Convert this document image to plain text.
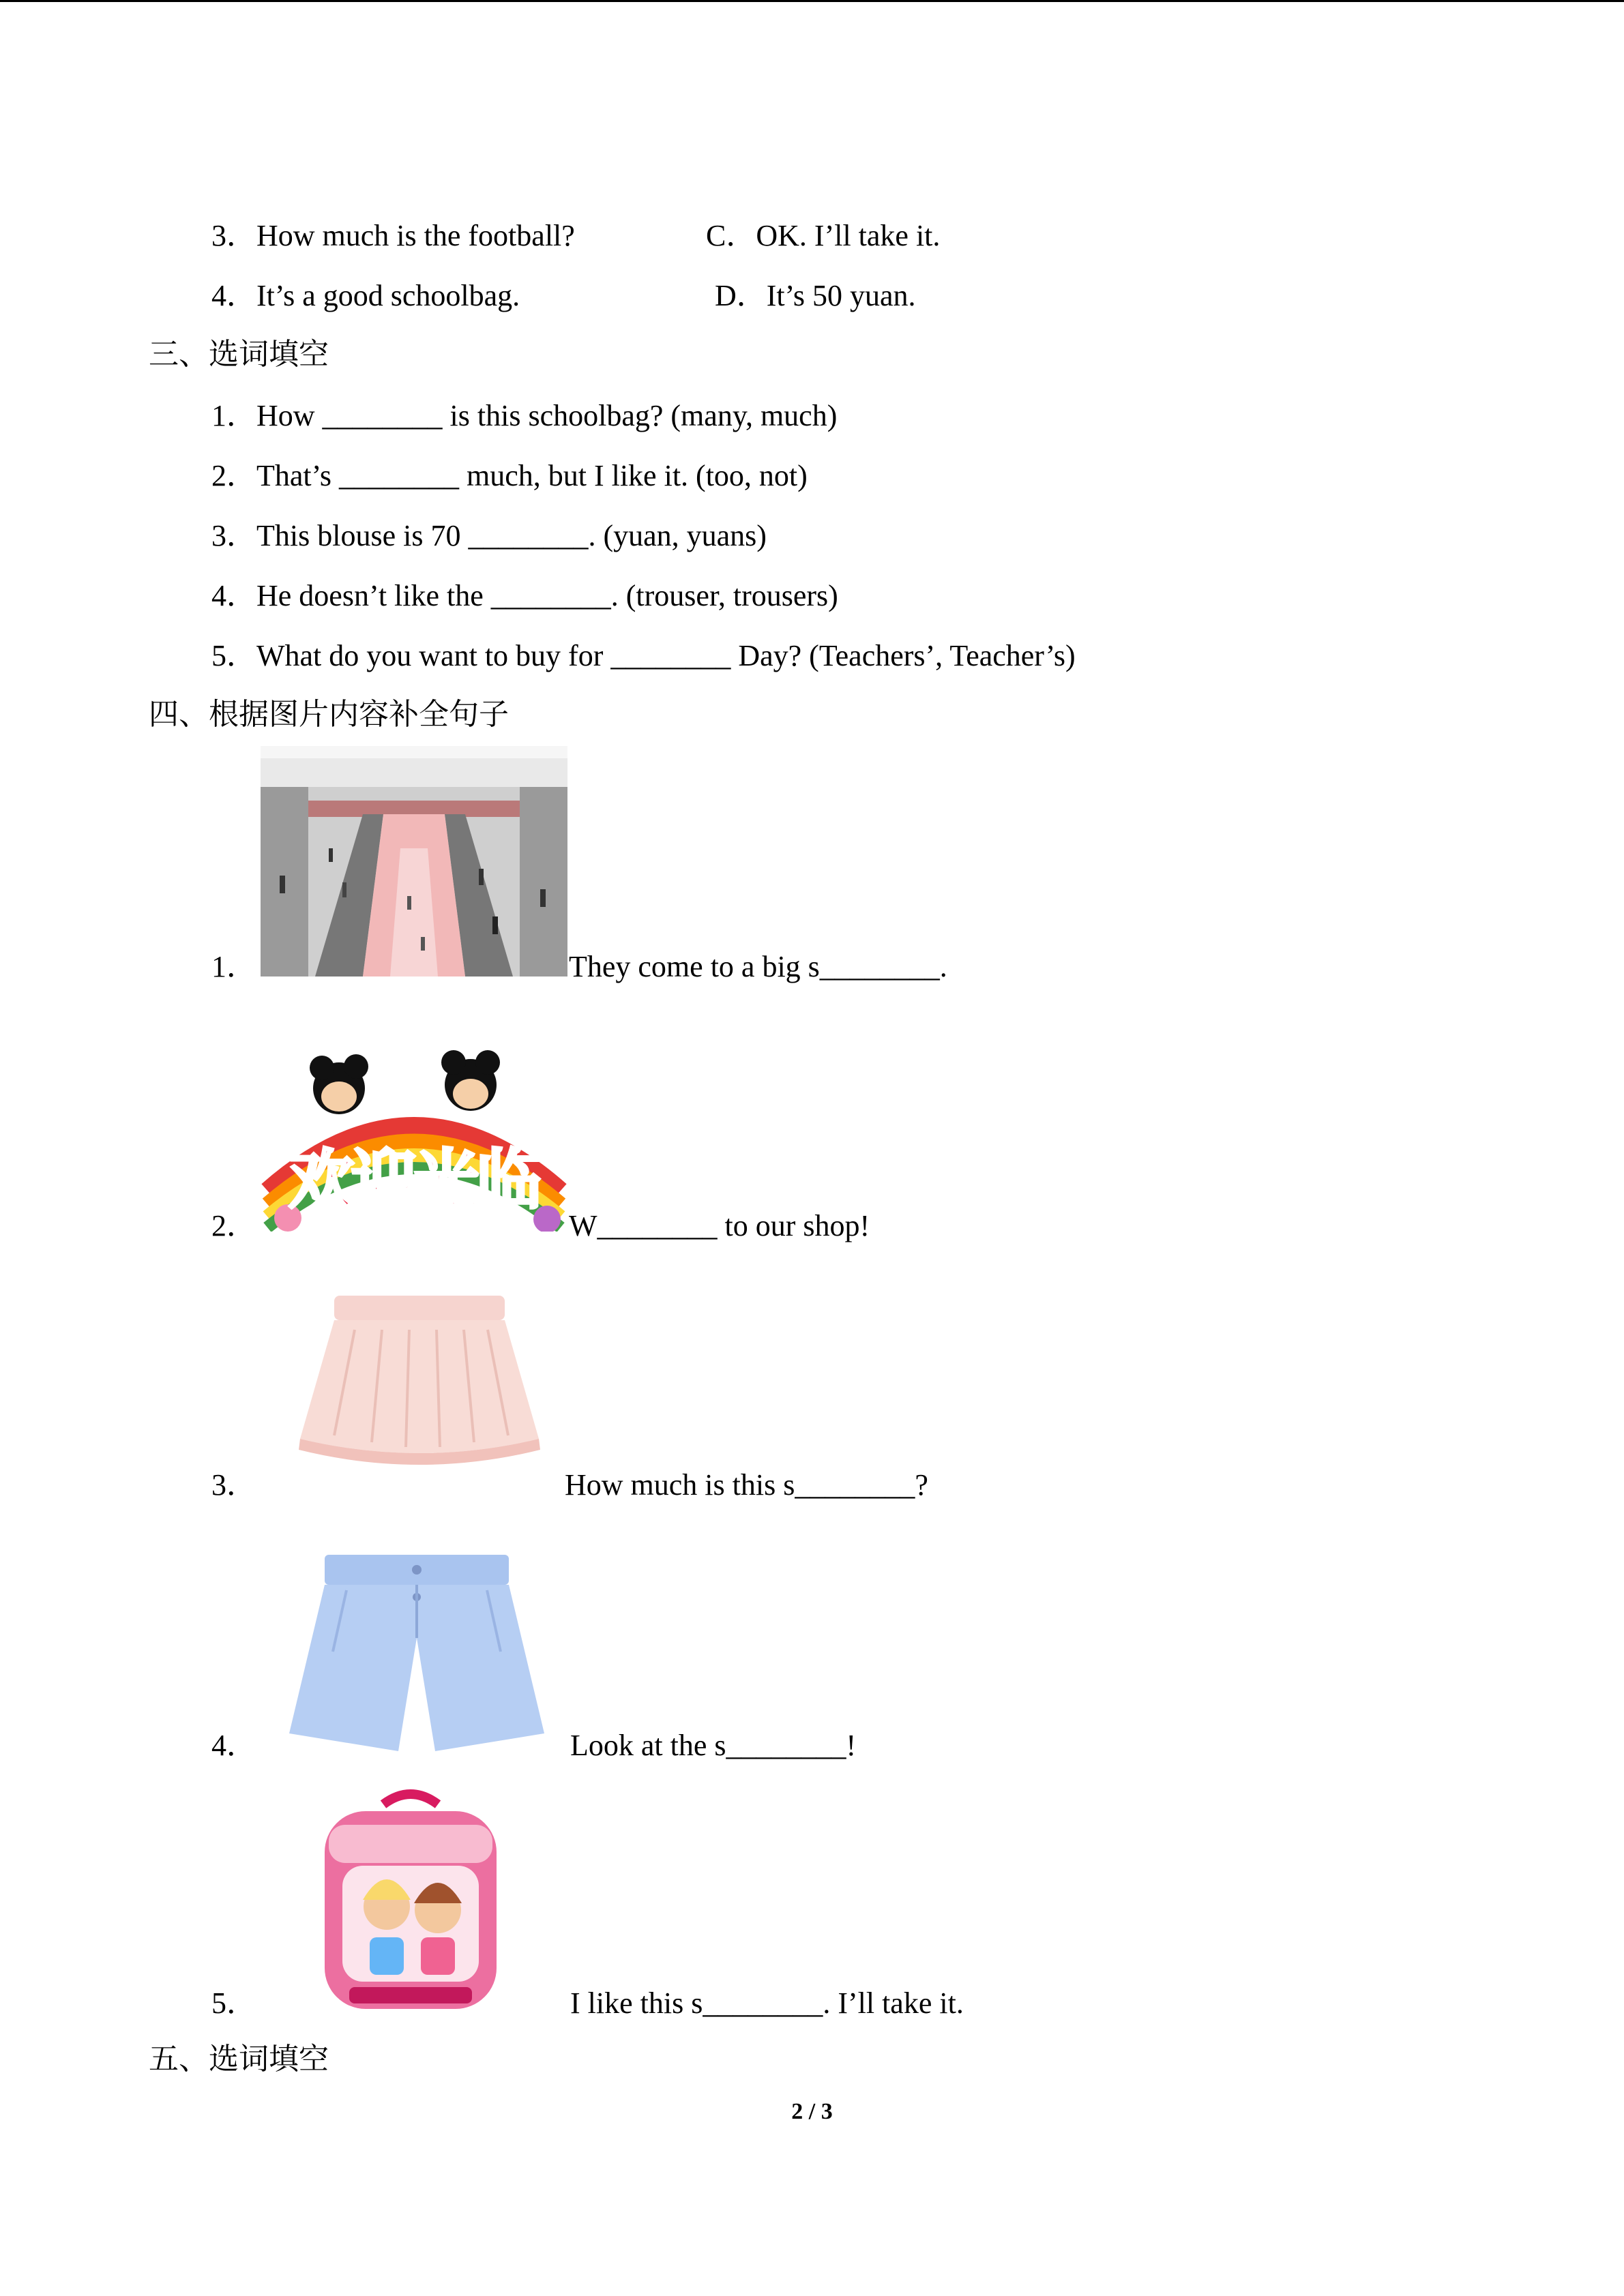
3．How much is the football?	C．OK. I’ll take it.
4．It’s a good schoolbag.	D．It’s 50 yuan.
三、选词填空
1．How ________ is this schoolbag? (many, much)
2．That’s ________ much, but I like it. (too, not)
3．This blouse is 70 ________. (yuan, yuans)
4．He doesn’t like the ________. (trouser, trousers)
5．What do you want to buy for ________ Day? (Teachers’, Teacher’s)
四、根据图片内容补全句子
1．	They come to a big s________.
2．
欢迎光临
W________ to our shop!
3．	How much is this s________?
4．	Look at the s________!
5．	I like this s________. I’ll take it.
五、选词填空
2 / 3
